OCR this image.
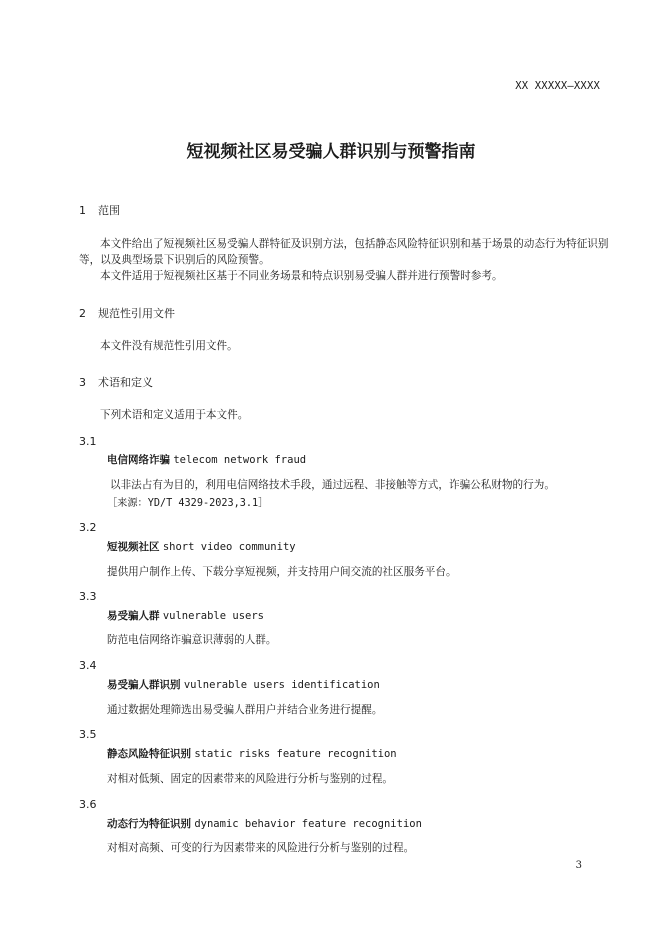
XX XXXXX—XXXX
短视频社区易受骗人群识别与预警指南
1 范围
本文件给出了短视频社区易受骗人群特征及识别方法，包括静态风险特征识别和基于场景的动态行为特征识别等，以及典型场景下识别后的风险预警。
本文件适用于短视频社区基于不同业务场景和特点识别易受骗人群并进行预警时参考。
2 规范性引用文件
本文件没有规范性引用文件。
3 术语和定义
下列术语和定义适用于本文件。
3.1
电信网络诈骗 telecom network fraud
以非法占有为目的，利用电信网络技术手段，通过远程、非接触等方式，诈骗公私财物的行为。
［来源：YD/T 4329-2023,3.1］
3.2
短视频社区 short video community
提供用户制作上传、下载分享短视频，并支持用户间交流的社区服务平台。
3.3
易受骗人群 vulnerable users
防范电信网络诈骗意识薄弱的人群。
3.4
易受骗人群识别 vulnerable users identification
通过数据处理筛选出易受骗人群用户并结合业务进行提醒。
3.5
静态风险特征识别 static risks feature recognition
对相对低频、固定的因素带来的风险进行分析与鉴别的过程。
3.6
动态行为特征识别 dynamic behavior feature recognition
对相对高频、可变的行为因素带来的风险进行分析与鉴别的过程。
3
